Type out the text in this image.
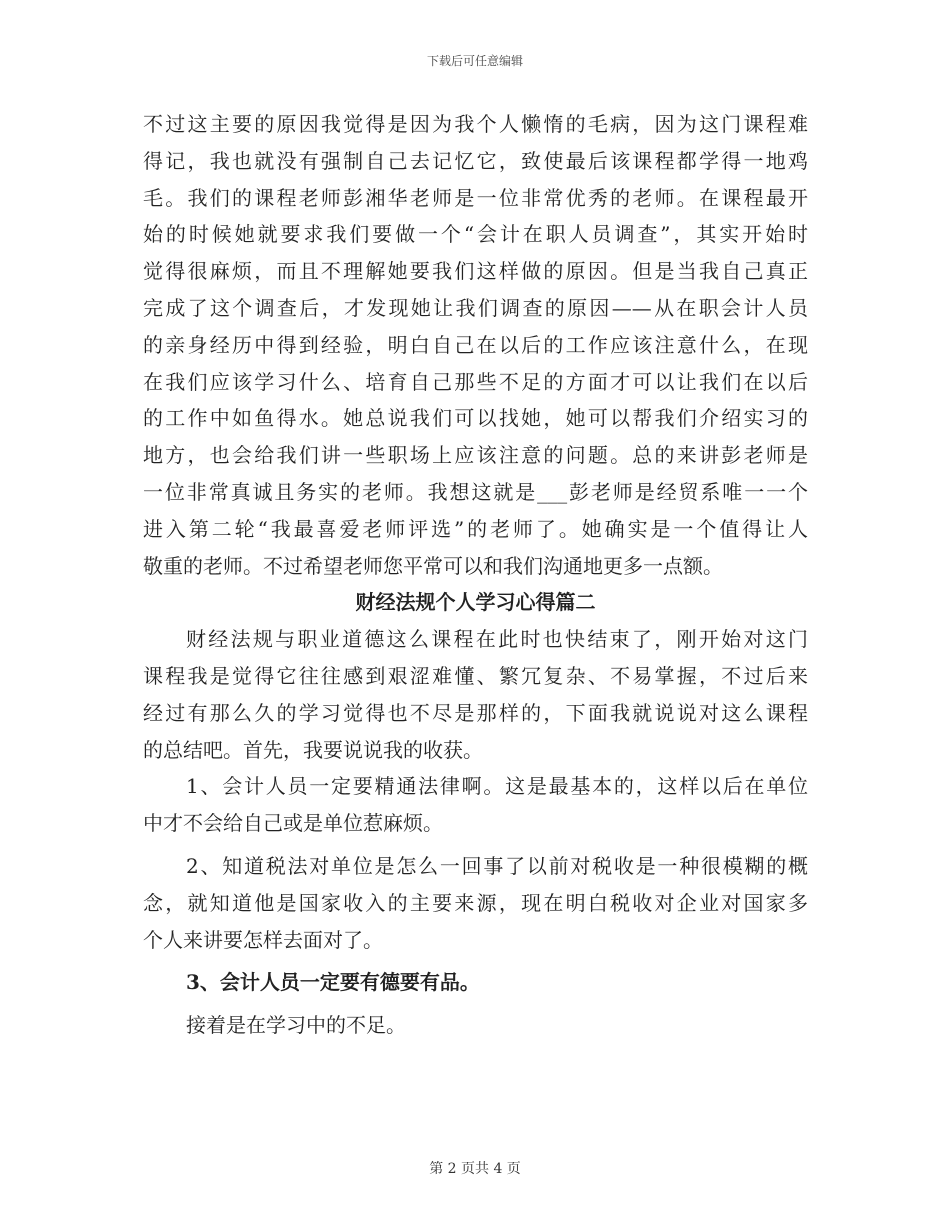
下载后可任意编辑
不过这主要的原因我觉得是因为我个人懒惰的毛病，因为这门课程难
得记，我也就没有强制自己去记忆它，致使最后该课程都学得一地鸡
毛。我们的课程老师彭湘华老师是一位非常优秀的老师。在课程最开
始的时候她就要求我们要做一个“会计在职人员调查”，其实开始时
觉得很麻烦，而且不理解她要我们这样做的原因。但是当我自己真正
完成了这个调查后，才发现她让我们调查的原因——从在职会计人员
的亲身经历中得到经验，明白自己在以后的工作应该注意什么，在现
在我们应该学习什么、培育自己那些不足的方面才可以让我们在以后
的工作中如鱼得水。她总说我们可以找她，她可以帮我们介绍实习的
地方，也会给我们讲一些职场上应该注意的问题。总的来讲彭老师是
一位非常真诚且务实的老师。我想这就是___彭老师是经贸系唯一一个
进入第二轮“我最喜爱老师评选”的老师了。她确实是一个值得让人
敬重的老师。不过希望老师您平常可以和我们沟通地更多一点额。
财经法规个人学习心得篇二
财经法规与职业道德这么课程在此时也快结束了，刚开始对这门
课程我是觉得它往往感到艰涩难懂、繁冗复杂、不易掌握，不过后来
经过有那么久的学习觉得也不尽是那样的，下面我就说说对这么课程
的总结吧。首先，我要说说我的收获。
1、会计人员一定要精通法律啊。这是最基本的，这样以后在单位
中才不会给自己或是单位惹麻烦。
2、知道税法对单位是怎么一回事了以前对税收是一种很模糊的概
念，就知道他是国家收入的主要来源，现在明白税收对企业对国家多
个人来讲要怎样去面对了。
3、会计人员一定要有德要有品。
接着是在学习中的不足。
第 2 页共 4 页
